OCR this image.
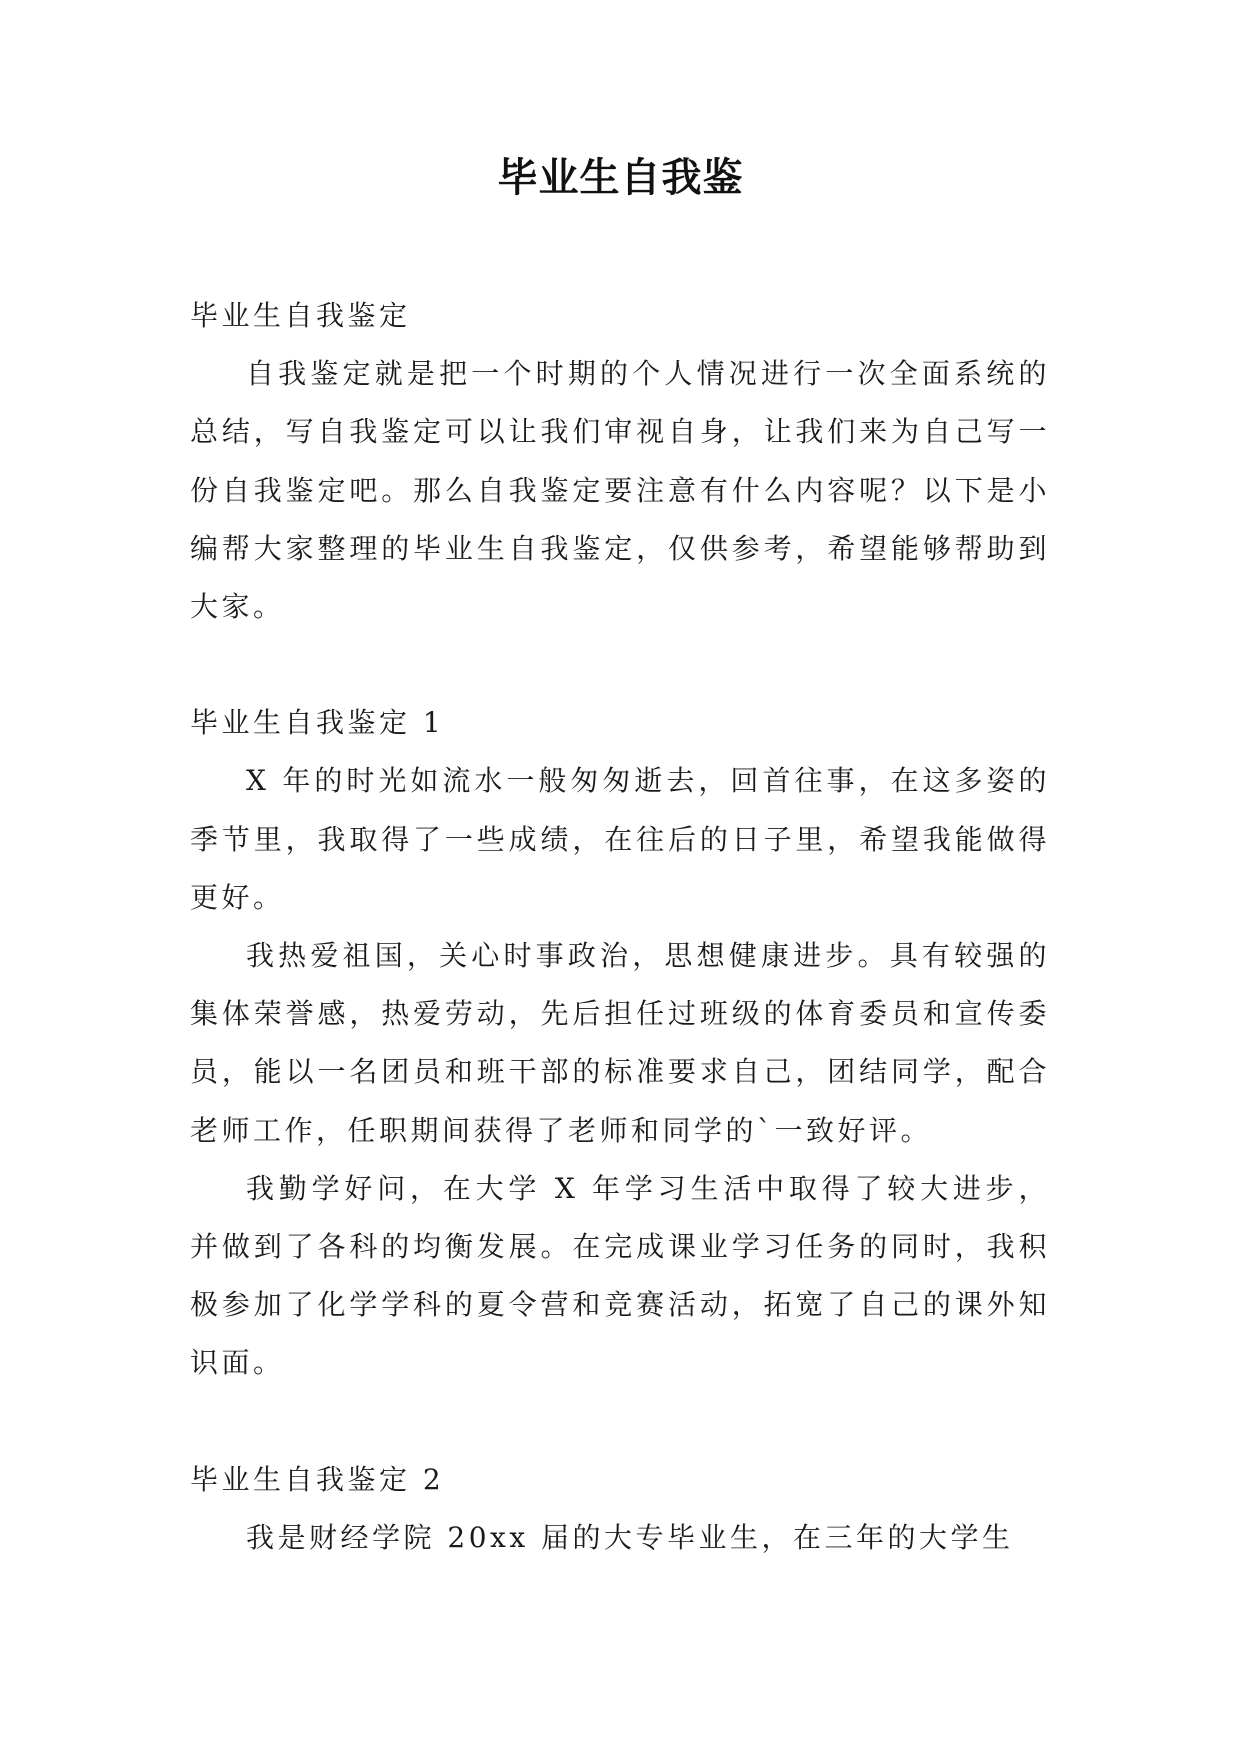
毕业生自我鉴

毕业生自我鉴定

自我鉴定就是把一个时期的个人情况进行一次全面系统的总结，写自我鉴定可以让我们审视自身，让我们来为自己写一份自我鉴定吧。那么自我鉴定要注意有什么内容呢？以下是小编帮大家整理的毕业生自我鉴定，仅供参考，希望能够帮助到大家。

毕业生自我鉴定 1

X 年的时光如流水一般匆匆逝去，回首往事，在这多姿的季节里，我取得了一些成绩，在往后的日子里，希望我能做得更好。

我热爱祖国，关心时事政治，思想健康进步。具有较强的集体荣誉感，热爱劳动，先后担任过班级的体育委员和宣传委员，能以一名团员和班干部的标准要求自己，团结同学，配合老师工作，任职期间获得了老师和同学的`一致好评。

我勤学好问，在大学 X 年学习生活中取得了较大进步，并做到了各科的均衡发展。在完成课业学习任务的同时，我积极参加了化学学科的夏令营和竞赛活动，拓宽了自己的课外知识面。

毕业生自我鉴定 2

我是财经学院 20xx 届的大专毕业生，在三年的大学生
